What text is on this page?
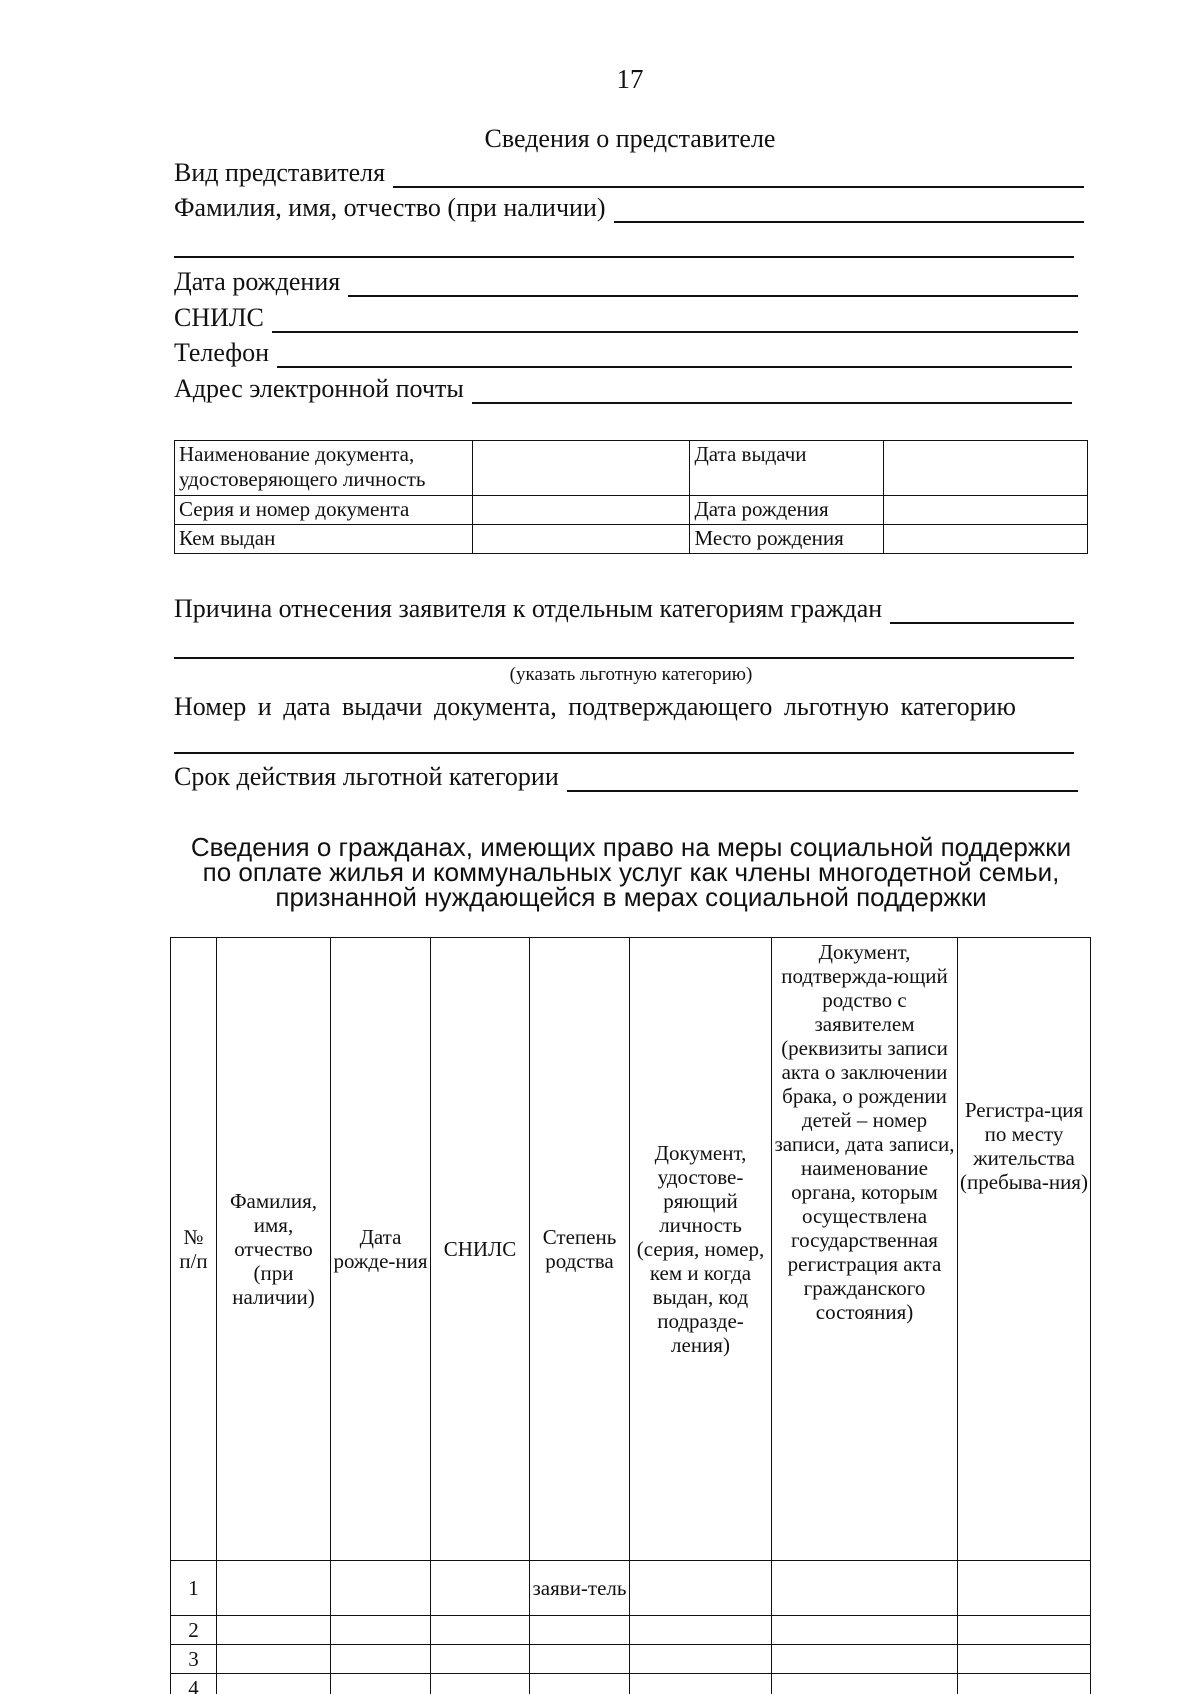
17
Сведения о представителе
Вид представителя
Фамилия, имя, отчество (при наличии)
Дата рождения
СНИЛС
Телефон
Адрес электронной почты
Наименование документа, удостоверяющего личность		Дата выдачи	
Серия и номер документа		Дата рождения	
Кем выдан		Место рождения	
Причина отнесения заявителя к отдельным категориям граждан
(указать льготную категорию)
Номер и дата выдачи документа, подтверждающего льготную категорию
Срок действия льготной категории
Сведения о гражданах, имеющих право на меры социальной поддержки
по оплате жилья и коммунальных услуг как члены многодетной семьи,
признанной нуждающейся в мерах социальной поддержки
№ п/п	Фамилия, имя, отчество (при наличии)	Дата рожде-ния	СНИЛС	Степень родства	Документ, удостове-ряющий личность (серия, номер, кем и когда выдан, код подразде-ления)	Документ, подтвержда-ющий родство с заявителем (реквизиты записи акта о заключении брака, о рождении детей – номер записи, дата записи, наименование органа, которым осуществлена государственная регистрация акта гражданского состояния)	Регистра-ция по месту жительства (пребыва-ния)
1				заяви-тель			
2							
3							
4							
